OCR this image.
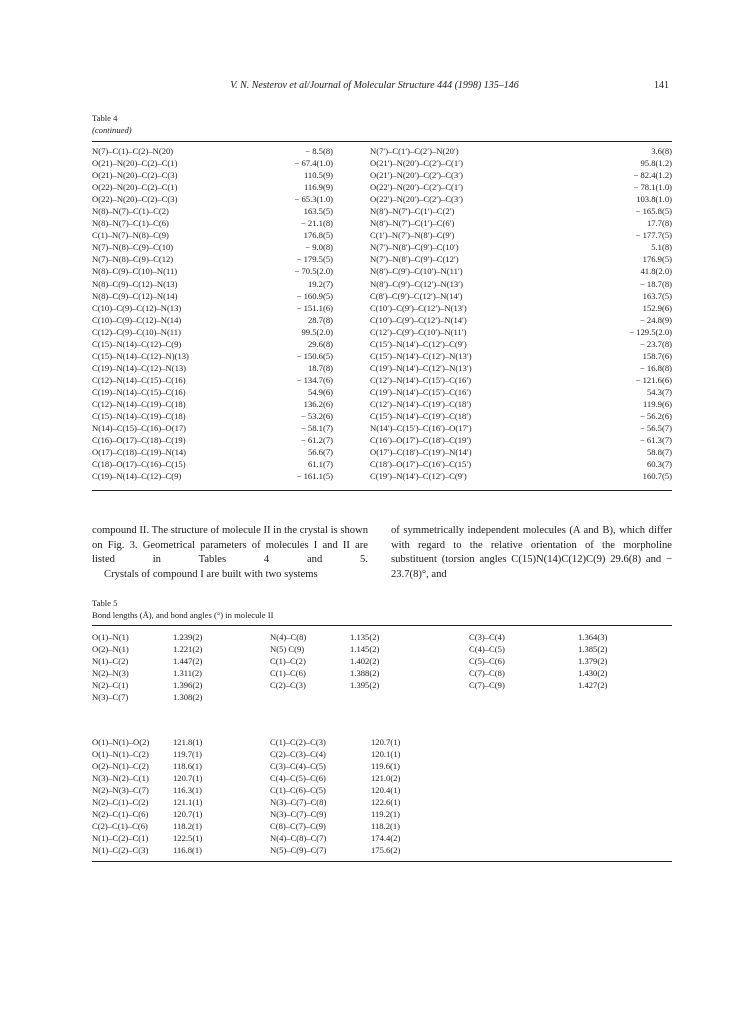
V. N. Nesterov et al/Journal of Molecular Structure 444 (1998) 135–146	141
Table 4
(continued)
N(7)–C(1)–C(2)–N(20)	− 8.5(8)	N(7′)–C(1′)–C(2′)–N(20′)	3.6(8)
O(21)–N(20)–C(2)–C(1)	− 67.4(1.0)	O(21′)–N(20′)–C(2′)–C(1′)	95.8(1.2)
O(21)–N(20)–C(2)–C(3)	110.5(9)	O(21′)–N(20′)–C(2′)–C(3′)	− 82.4(1.2)
O(22)–N(20)–C(2)–C(1)	116.9(9)	O(22′)–N(20′)–C(2′)–C(1′)	− 78.1(1.0)
O(22)–N(20)–C(2)–C(3)	− 65.3(1.0)	O(22′)–N(20′)–C(2′)–C(3′)	103.8(1.0)
N(8)–N(7)–C(1)–C(2)	163.5(5)	N(8′)–N(7′)–C(1′)–C(2′)	− 165.8(5)
N(8)–N(7)–C(1)–C(6)	− 21.1(8)	N(8′)–N(7′)–C(1′)–C(6′)	17.7(8)
C(1)–N(7)–N(8)–C(9)	176.8(5)	C(1′)–N(7′)–N(8′)–C(9′)	− 177.7(5)
N(7)–N(8)–C(9)–C(10)	− 9.0(8)	N(7′)–N(8′)–C(9′)–C(10′)	5.1(8)
N(7)–N(8)–C(9)–C(12)	− 179.5(5)	N(7′)–N(8′)–C(9′)–C(12′)	176.9(5)
N(8)–C(9)–C(10)–N(11)	− 70.5(2.0)	N(8′)–C(9′)–C(10′)–N(11′)	41.8(2.0)
N(8)–C(9)–C(12)–N(13)	19.2(7)	N(8′)–C(9′)–C(12′)–N(13′)	− 18.7(8)
N(8)–C(9)–C(12)–N(14)	− 160.9(5)	C(8′)–C(9′)–C(12′)–N(14′)	163.7(5)
C(10)–C(9)–C(12)–N(13)	− 151.1(6)	C(10′)–C(9′)–C(12′)–N(13′)	152.9(6)
C(10)–C(9)–C(12)–N(14)	28.7(8)	C(10′)–C(9′)–C(12′)–N(14′)	− 24.8(9)
C(12)–C(9)–C(10)–N(11)	99.5(2.0)	C(12′)–C(9′)–C(10′)–N(11′)	− 129.5(2.0)
C(15)–N(14)–C(12)–C(9)	29.6(8)	C(15′)–N(14′)–C(12′)–C(9′)	− 23.7(8)
C(15)–N(14)–C(12)–N)(13)	− 150.6(5)	C(15′)–N(14′)–C(12′)–N(13′)	158.7(6)
C(19)–N(14)–C(12)–N(13)	18.7(8)	C(19′)–N(14′)–C(12′)–N(13′)	− 16.8(8)
C(12)–N(14)–C(15)–C(16)	− 134.7(6)	C(12′)–N(14′)–C(15′)–C(16′)	− 121.6(6)
C(19)–N(14)–C(15)–C(16)	54.9(6)	C(19′)–N(14′)–C(15′)–C(16′)	54.3(7)
C(12)–N(14)–C(19)–C(18)	136.2(6)	C(12′)–N(14′)–C(19′)–C(18′)	119.9(6)
C(15)–N(14)–C(19)–C(18)	− 53.2(6)	C(15′)–N(14′)–C(19′)–C(18′)	− 56.2(6)
N(14)–C(15)–C(16)–O(17)	− 58.1(7)	N(14′)–C(15′)–C(16′)–O(17′)	− 56.5(7)
C(16)–O(17)–C(18)–C(19)	− 61.2(7)	C(16′)–O(17′)–C(18′)–C(19′)	− 61.3(7)
O(17)–C(18)–C(19)–N(14)	56.6(7)	O(17′)–C(18′)–C(19′)–N(14′)	58.8(7)
C(18)–O(17)–C(16)–C(15)	61.1(7)	C(18′)–O(17′)–C(16′)–C(15′)	60.3(7)
C(19)–N(14)–C(12)–C(9)	− 161.1(5)	C(19′)–N(14′)–C(12′)–C(9′)	160.7(5)

compound II. The structure of molecule II in the crystal is shown on Fig. 3. Geometrical parameters of molecules I and II are listed in Tables 4 and 5.

Crystals of compound I are built with two systems

of symmetrically independent molecules (A and B), which differ with regard to the relative orientation of the morpholine substituent (torsion angles C(15)N(14)C(12)C(9) 29.6(8) and − 23.7(8)°, and

Table 5
Bond lengths (Å), and bond angles (°) in molecule II
O(1)–N(1)	1.239(2)	N(4)–C(8)	1.135(2)	C(3)–C(4)	1.364(3)
O(2)–N(1)	1.221(2)	N(5) C(9)	1.145(2)	C(4)–C(5)	1.385(2)
N(1)–C(2)	1.447(2)	C(1)–C(2)	1.402(2)	C(5)–C(6)	1.379(2)
N(2)–N(3)	1.311(2)	C(1)–C(6)	1.388(2)	C(7)–C(8)	1.430(2)
N(2)–C(1)	1.396(2)	C(2)–C(3)	1.395(2)	C(7)–C(9)	1.427(2)
N(3)–C(7)	1.308(2)
O(1)–N(1)–O(2)	121.8(1)	C(1)–C(2)–C(3)	120.7(1)
O(1)–N(1)–C(2)	119.7(1)	C(2)–C(3)–C(4)	120.1(1)
O(2)–N(1)–C(2)	118.6(1)	C(3)–C(4)–C(5)	119.6(1)
N(3)–N(2)–C(1)	120.7(1)	C(4)–C(5)–C(6)	121.0(2)
N(2)–N(3)–C(7)	116.3(1)	C(1)–C(6)–C(5)	120.4(1)
N(2)–C(1)–C(2)	121.1(1)	N(3)–C(7)–C(8)	122.6(1)
N(2)–C(1)–C(6)	120.7(1)	N(3)–C(7)–C(9)	119.2(1)
C(2)–C(1)–C(6)	118.2(1)	C(8)–C(7)–C(9)	118.2(1)
N(1)–C(2)–C(1)	122.5(1)	N(4)–C(8)–C(7)	174.4(2)
N(1)–C(2)–C(3)	116.8(1)	N(5)–C(9)–C(7)	175.6(2)
